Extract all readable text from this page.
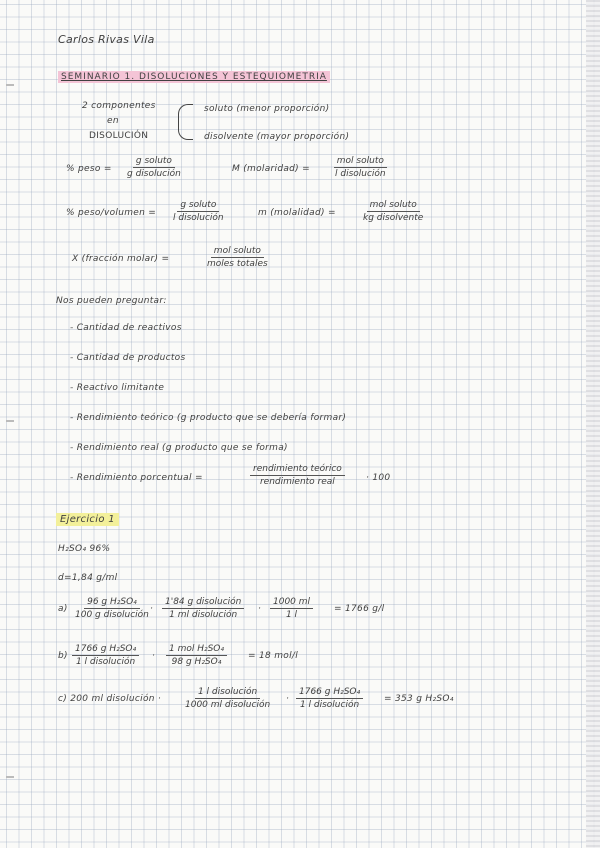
Carlos Rivas Vila
SEMINARIO 1. DISOLUCIONES Y ESTEQUIOMETRIA
2 componentes
en
DISOLUCIÓN
soluto (menor proporción)
disolvente (mayor proporción)
% peso =
g soluto
g disolución	M (molaridad) =
mol soluto
l disolución
% peso/volumen =
g soluto
l disolución	m (molalidad) =
mol soluto
kg disolvente
X (fracción molar) =
mol soluto
moles totales
Nos pueden preguntar:
- Cantidad de reactivos
- Cantidad de productos
- Reactivo limitante
- Rendimiento teórico (g producto que se debería formar)
- Rendimiento real (g producto que se forma)
- Rendimiento porcentual =
rendimiento teórico
rendimiento real	· 100
Ejercicio 1
H₂SO₄ 96%
d=1,84 g/ml
a)
96 g H₂SO₄
100 g disolución
·
1'84 g disolución
1 ml disolución
· $\frac{1000 ml}{1 l} = 1766$ g/l
b)
1766 g H₂SO₄
1 l disolución
·
1 mol H₂SO₄
98 g H₂SO₄
= 18 mol/l
c) 200 ml disolución ·
1 l disolución
1000 ml disolución
·
1766 g H₂SO₄
1 l disolución
= 353 g H₂SO₄
